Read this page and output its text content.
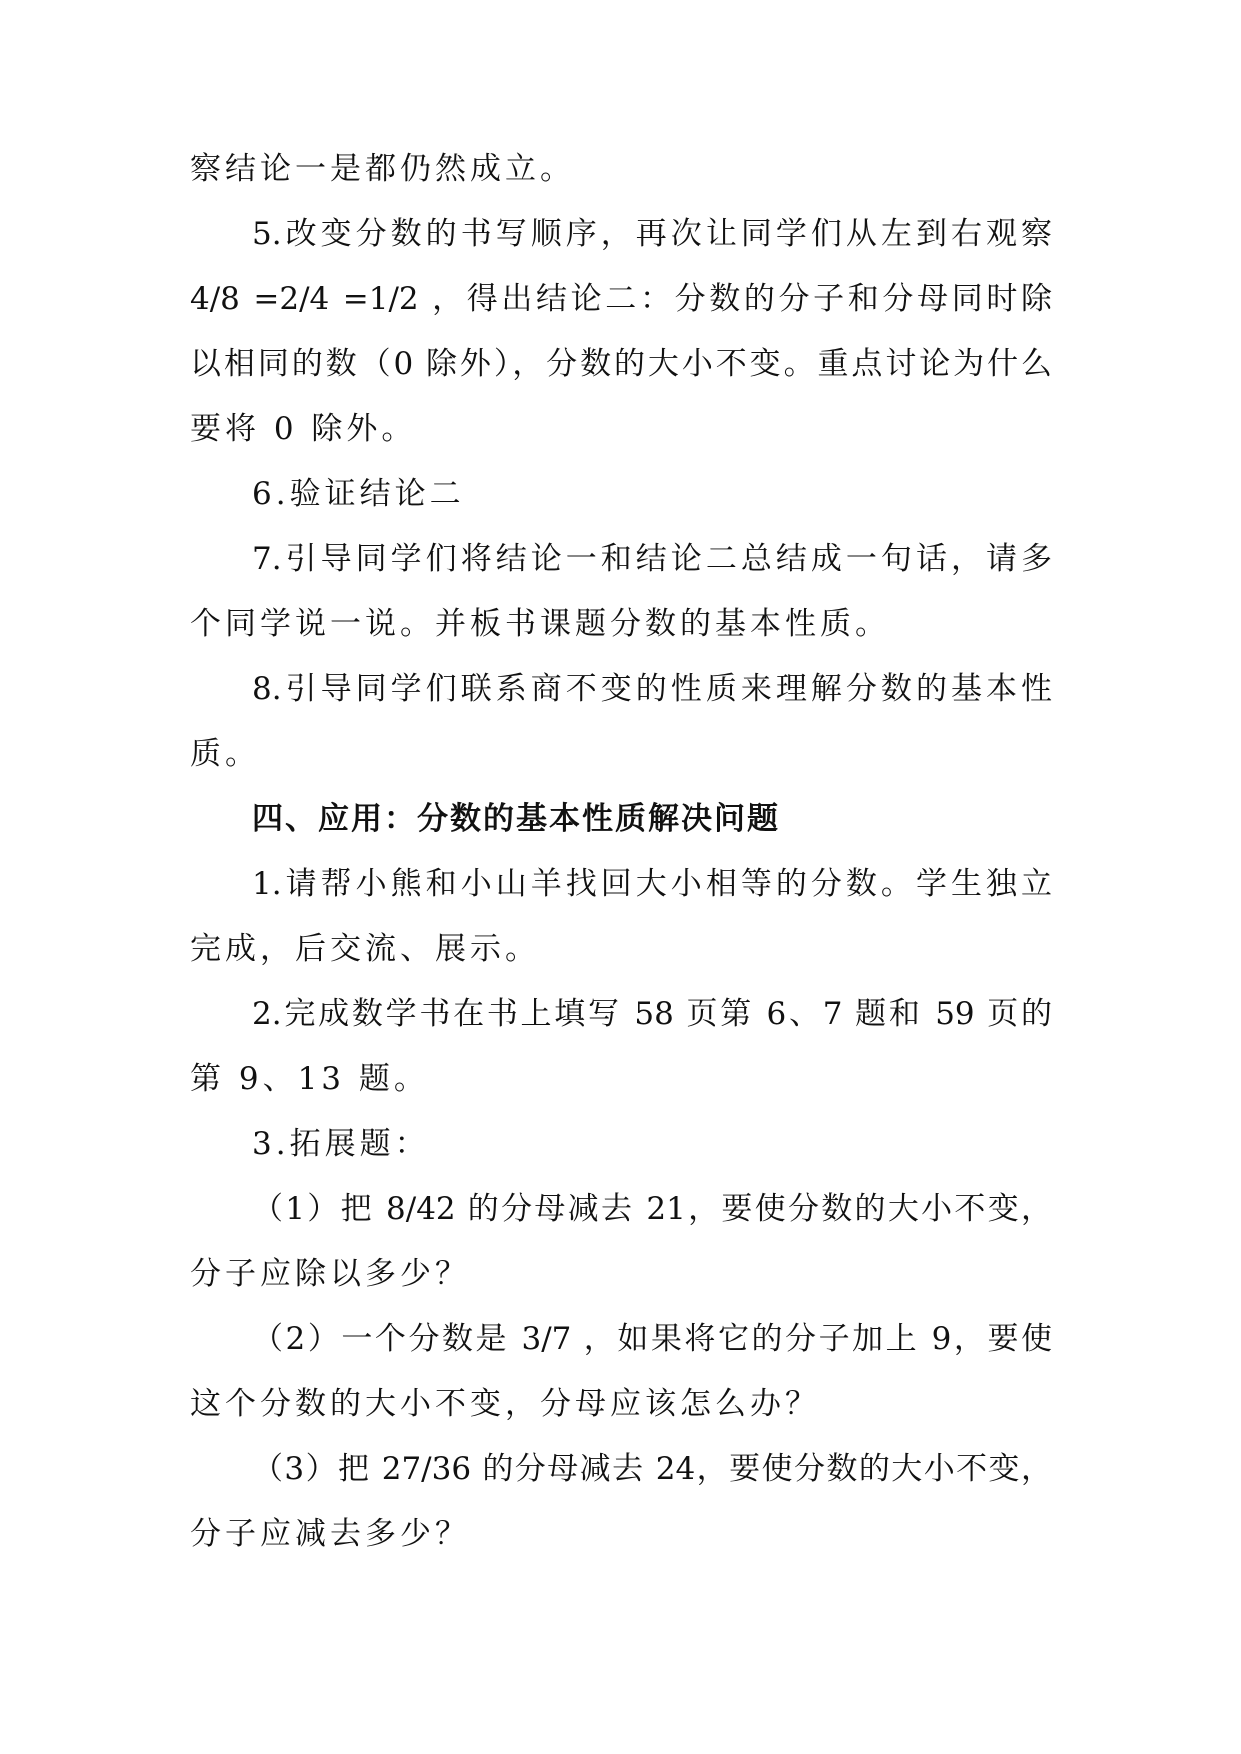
察结论一是都仍然成立。
5.改变分数的书写顺序，再次让同学们从左到右观察
4/8 =2/4 =1/2 ，得出结论二：分数的分子和分母同时除
以相同的数（0 除外），分数的大小不变。重点讨论为什么
要将 0 除外。
6.验证结论二
7.引导同学们将结论一和结论二总结成一句话，请多
个同学说一说。并板书课题分数的基本性质。
8.引导同学们联系商不变的性质来理解分数的基本性
质。
四、应用：分数的基本性质解决问题
1.请帮小熊和小山羊找回大小相等的分数。学生独立
完成，后交流、展示。
2.完成数学书在书上填写 58 页第 6、7 题和 59 页的
第 9、13 题。
3.拓展题：
（1）把 8/42 的分母减去 21，要使分数的大小不变，
分子应除以多少？
（2）一个分数是 3/7 ，如果将它的分子加上 9，要使
这个分数的大小不变，分母应该怎么办？
（3）把 27/36 的分母减去 24，要使分数的大小不变，
分子应减去多少？
